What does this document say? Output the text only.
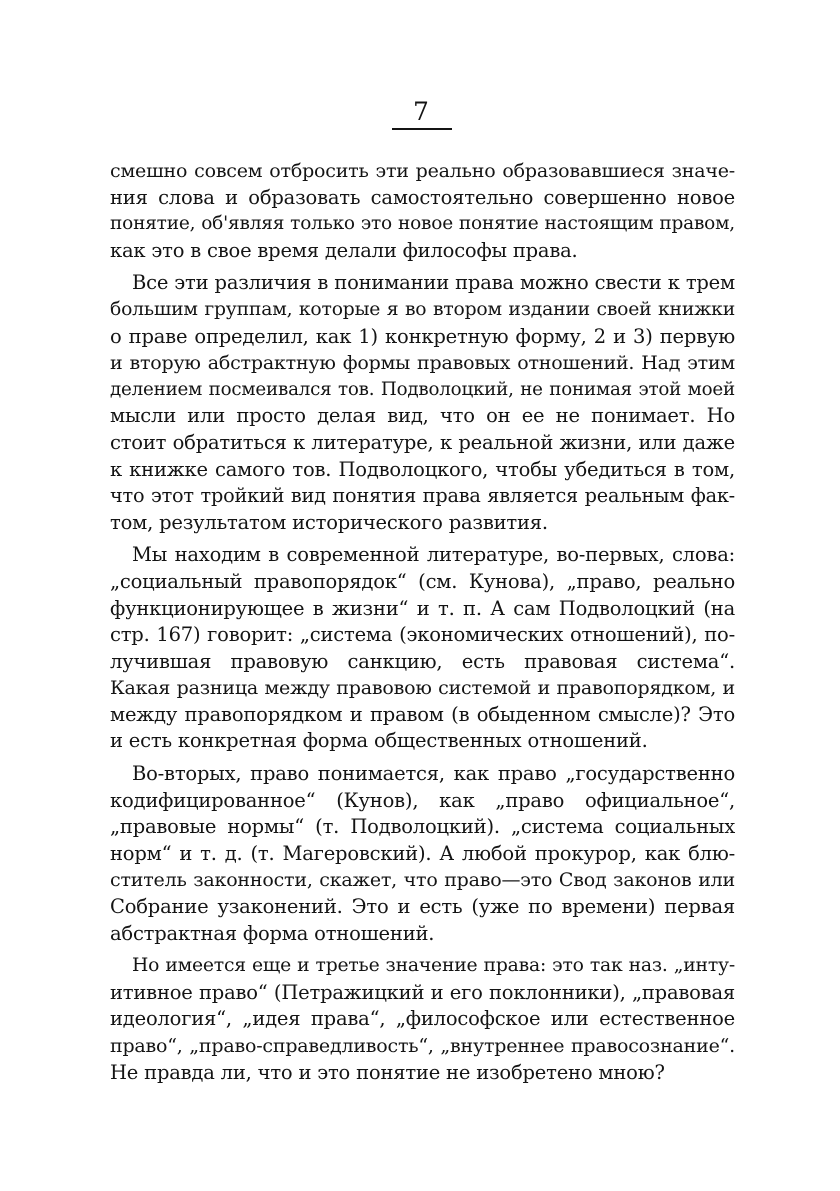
7
смешно совсем отбросить эти реально образовавшиеся значе-
ния слова и образовать самостоятельно совершенно новое
понятие, об'являя только это новое понятие настоящим правом,
как это в свое время делали философы права.
Все эти различия в понимании права можно свести к трем
большим группам, которые я во втором издании своей книжки
о праве определил, как 1) конкретную форму, 2 и 3) первую
и вторую абстрактную формы правовых отношений. Над этим
делением посмеивался тов. Подволоцкий, не понимая этой моей
мысли или просто делая вид, что он ее не понимает. Но
стоит обратиться к литературе, к реальной жизни, или даже
к книжке самого тов. Подволоцкого, чтобы убедиться в том,
что этот тройкий вид понятия права является реальным фак-
том, результатом исторического развития.
Мы находим в современной литературе, во-первых, слова:
„социальный правопорядок“ (см. Кунова), „право, реально
функционирующее в жизни“ и т. п. А сам Подволоцкий (на
стр. 167) говорит: „система (экономических отношений), по-
лучившая правовую санкцию, есть правовая система“.
Какая разница между правовою системой и правопорядком, и
между правопорядком и правом (в обыденном смысле)? Это
и есть конкретная форма общественных отношений.
Во-вторых, право понимается, как право „государственно
кодифицированное“ (Кунов), как „право официальное“,
„правовые нормы“ (т. Подволоцкий). „система социальных
норм“ и т. д. (т. Магеровский). А любой прокурор, как блю-
ститель законности, скажет, что право—это Свод законов или
Собрание узаконений. Это и есть (уже по времени) первая
абстрактная форма отношений.
Но имеется еще и третье значение права: это так наз. „инту-
итивное право“ (Петражицкий и его поклонники), „правовая
идеология“, „идея права“, „философское или естественное
право“, „право-справедливость“, „внутреннее правосознание“.
Не правда ли, что и это понятие не изобретено мною?
